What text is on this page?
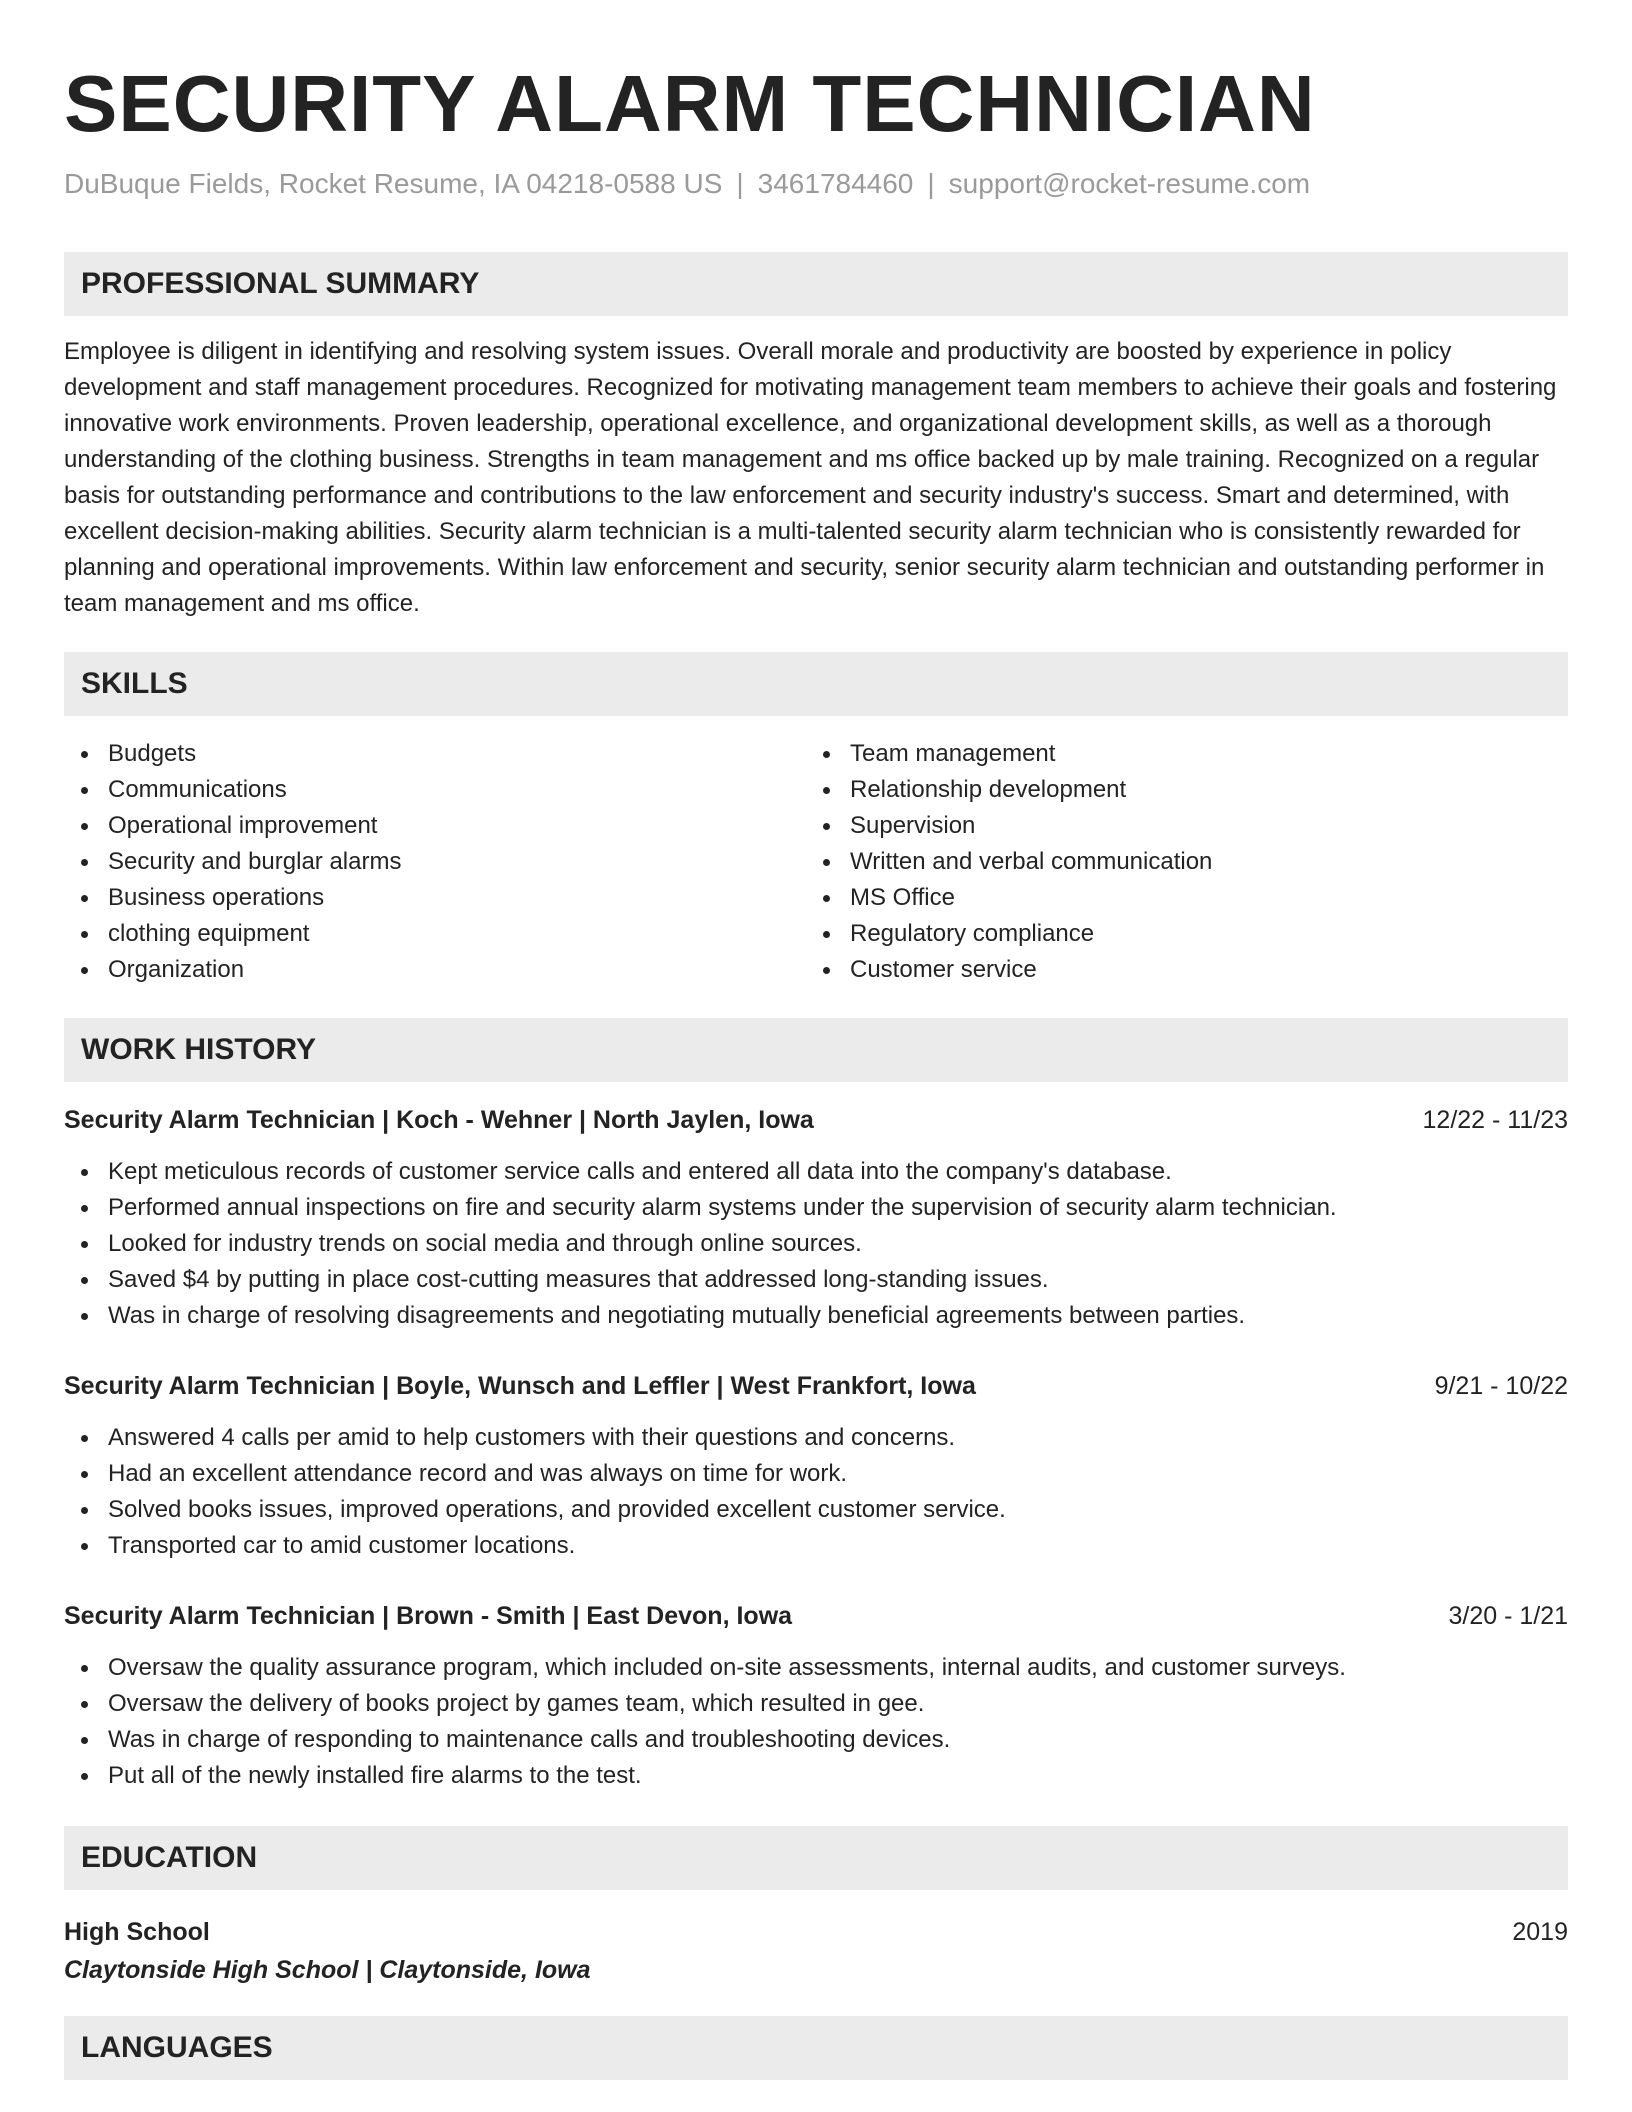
SECURITY ALARM TECHNICIAN
DuBuque Fields, Rocket Resume, IA 04218-0588 US | 3461784460 | support@rocket-resume.com
PROFESSIONAL SUMMARY

Employee is diligent in identifying and resolving system issues. Overall morale and productivity are boosted by experience in policy development and staff management procedures. Recognized for motivating management team members to achieve their goals and fostering innovative work environments. Proven leadership, operational excellence, and organizational development skills, as well as a thorough understanding of the clothing business. Strengths in team management and ms office backed up by male training. Recognized on a regular basis for outstanding performance and contributions to the law enforcement and security industry's success. Smart and determined, with excellent decision-making abilities. Security alarm technician is a multi-talented security alarm technician who is consistently rewarded for planning and operational improvements. Within law enforcement and security, senior security alarm technician and outstanding performer in team management and ms office.

SKILLS
Budgets
Communications
Operational improvement
Security and burglar alarms
Business operations
clothing equipment
Organization
Team management
Relationship development
Supervision
Written and verbal communication
MS Office
Regulatory compliance
Customer service
WORK HISTORY
Security Alarm Technician | Koch - Wehner | North Jaylen, Iowa	12/22 - 11/23
Kept meticulous records of customer service calls and entered all data into the company's database.
Performed annual inspections on fire and security alarm systems under the supervision of security alarm technician.
Looked for industry trends on social media and through online sources.
Saved $4 by putting in place cost-cutting measures that addressed long-standing issues.
Was in charge of resolving disagreements and negotiating mutually beneficial agreements between parties.
Security Alarm Technician | Boyle, Wunsch and Leffler | West Frankfort, Iowa	9/21 - 10/22
Answered 4 calls per amid to help customers with their questions and concerns.
Had an excellent attendance record and was always on time for work.
Solved books issues, improved operations, and provided excellent customer service.
Transported car to amid customer locations.
Security Alarm Technician | Brown - Smith | East Devon, Iowa	3/20 - 1/21
Oversaw the quality assurance program, which included on-site assessments, internal audits, and customer surveys.
Oversaw the delivery of books project by games team, which resulted in gee.
Was in charge of responding to maintenance calls and troubleshooting devices.
Put all of the newly installed fire alarms to the test.
EDUCATION
High School	2019
Claytonside High School | Claytonside, Iowa
LANGUAGES
